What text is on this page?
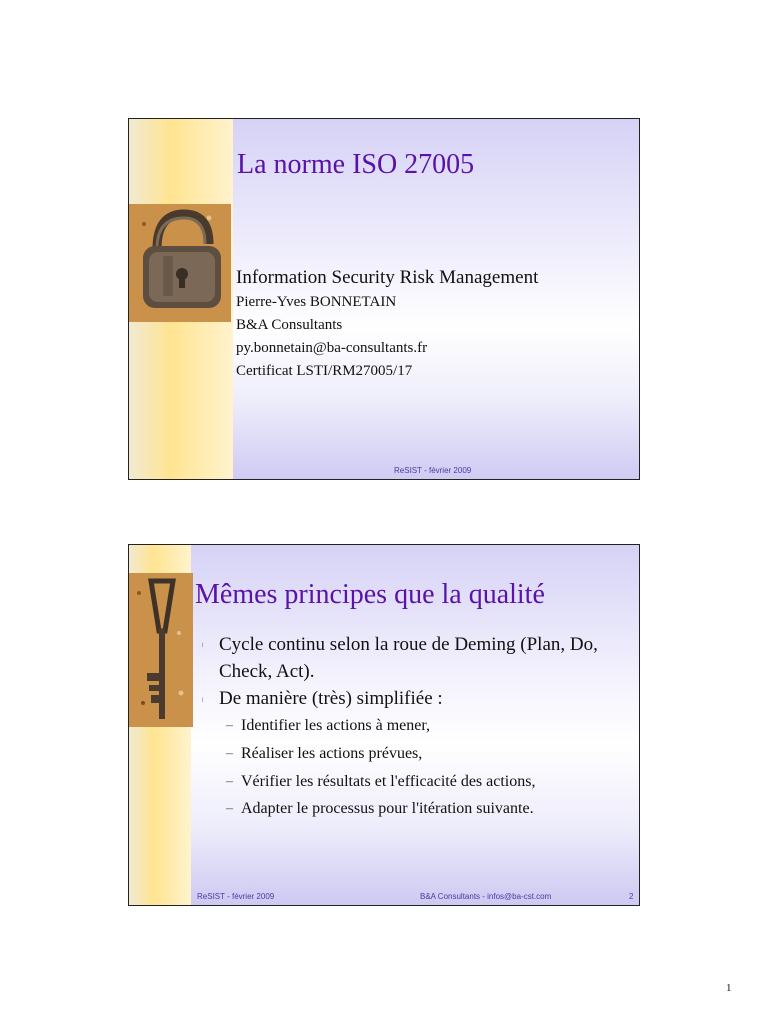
La norme ISO 27005
Information Security Risk Management
Pierre-Yves BONNETAIN
B&A Consultants
py.bonnetain@ba-consultants.fr
Certificat LSTI/RM27005/17
ReSIST - février 2009
Mêmes principes que la qualité
l Cycle continu selon la roue de Deming (Plan, Do, Check, Act).
l De manière (très) simplifiée :
– Identifier les actions à mener,
– Réaliser les actions prévues,
– Vérifier les résultats et l'efficacité des actions,
– Adapter le processus pour l'itération suivante.
ReSIST - février 2009	B&A Consultants - infos@ba-cst.com	2
1
